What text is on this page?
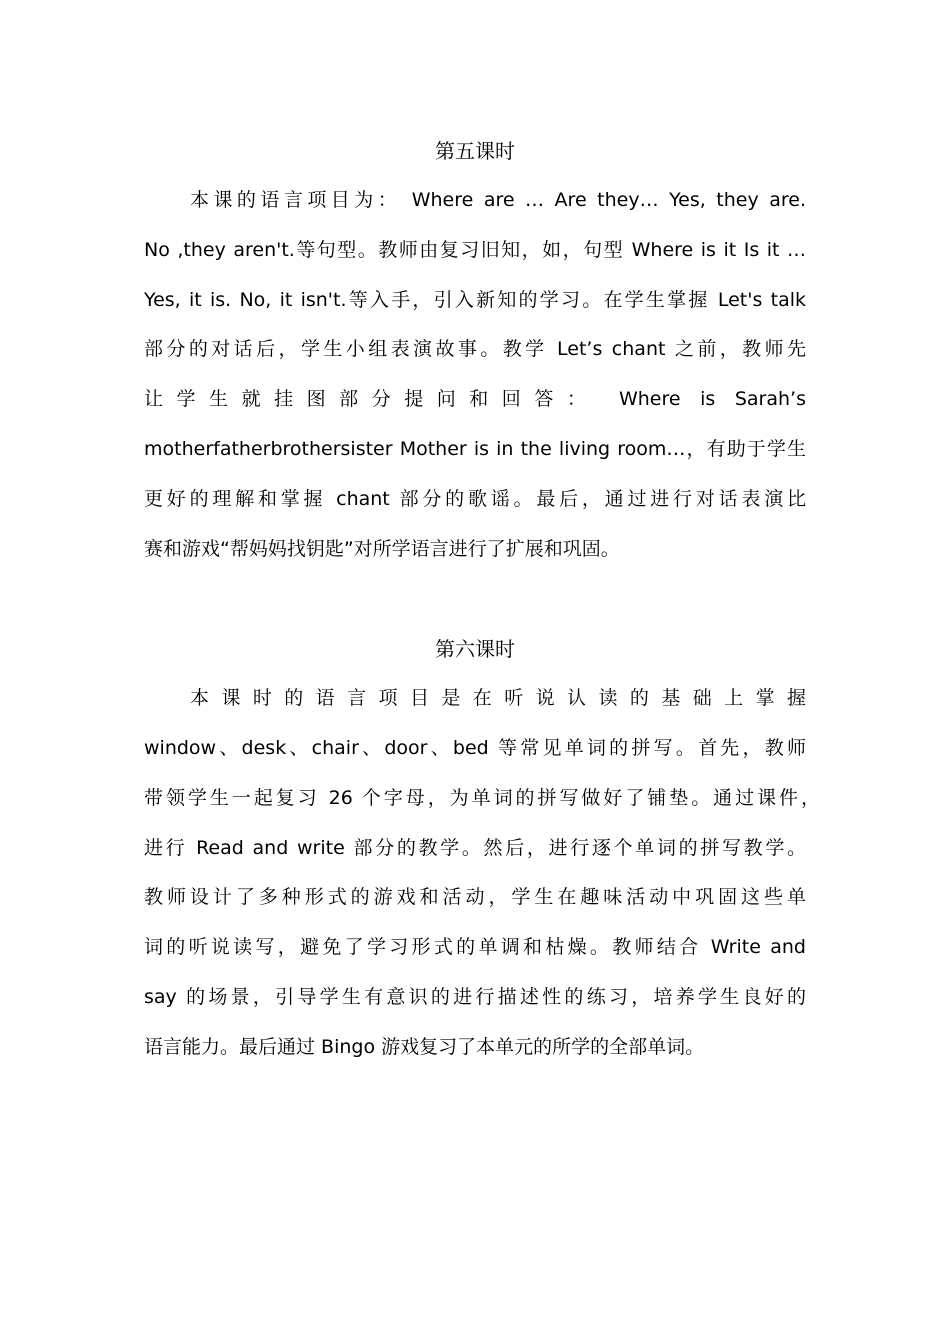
第五课时

本课的语言项目为： Where are … Are they… Yes, they are.

No ,they aren't.等句型。教师由复习旧知，如，句型 Where is it Is it …

Yes, it is. No, it isn't.等入手，引入新知的学习。在学生掌握 Let's talk

部分的对话后，学生小组表演故事。教学 Let’s chant 之前，教师先

让学生就挂图部分提问和回答： Where is Sarah’s

motherfatherbrothersister Mother is in the living room…，有助于学生

更好的理解和掌握 chant 部分的歌谣。最后，通过进行对话表演比

赛和游戏“帮妈妈找钥匙”对所学语言进行了扩展和巩固。

第六课时

本课时的语言项目是在听说认读的基础上掌握

window、desk、chair、door、bed 等常见单词的拼写。首先，教师

带领学生一起复习 26 个字母，为单词的拼写做好了铺垫。通过课件，

进行 Read and write 部分的教学。然后，进行逐个单词的拼写教学。

教师设计了多种形式的游戏和活动，学生在趣味活动中巩固这些单

词的听说读写，避免了学习形式的单调和枯燥。教师结合 Write and

say 的场景，引导学生有意识的进行描述性的练习，培养学生良好的

语言能力。最后通过 Bingo 游戏复习了本单元的所学的全部单词。
